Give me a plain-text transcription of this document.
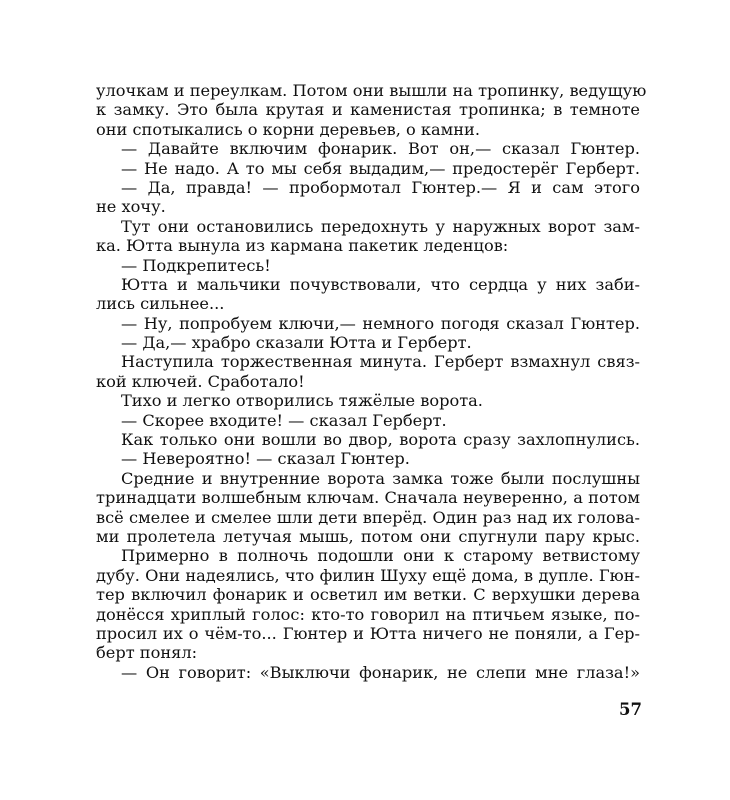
улочкам и переулкам. Потом они вышли на тропинку, ведущую
к замку. Это была крутая и каменистая тропинка; в темноте
они спотыкались о корни деревьев, о камни.
— Давайте включим фонарик. Вот он,— сказал Гюнтер.
— Не надо. А то мы себя выдадим,— предостерёг Герберт.
— Да, правда! — пробормотал Гюнтер.— Я и сам этого
не хочу.
Тут они остановились передохнуть у наружных ворот зам-
ка. Ютта вынула из кармана пакетик леденцов:
— Подкрепитесь!
Ютта и мальчики почувствовали, что сердца у них заби-
лись сильнее...
— Ну, попробуем ключи,— немного погодя сказал Гюнтер.
— Да,— храбро сказали Ютта и Герберт.
Наступила торжественная минута. Герберт взмахнул связ-
кой ключей. Сработало!
Тихо и легко отворились тяжёлые ворота.
— Скорее входите! — сказал Герберт.
Как только они вошли во двор, ворота сразу захлопнулись.
— Невероятно! — сказал Гюнтер.
Средние и внутренние ворота замка тоже были послушны
тринадцати волшебным ключам. Сначала неуверенно, а потом
всё смелее и смелее шли дети вперёд. Один раз над их голова-
ми пролетела летучая мышь, потом они спугнули пару крыс.
Примерно в полночь подошли они к старому ветвистому
дубу. Они надеялись, что филин Шуху ещё дома, в дупле. Гюн-
тер включил фонарик и осветил им ветки. С верхушки дерева
донёсся хриплый голос: кто-то говорил на птичьем языке, по-
просил их о чём-то... Гюнтер и Ютта ничего не поняли, а Гер-
берт понял:
— Он говорит: «Выключи фонарик, не слепи мне глаза!»
57
